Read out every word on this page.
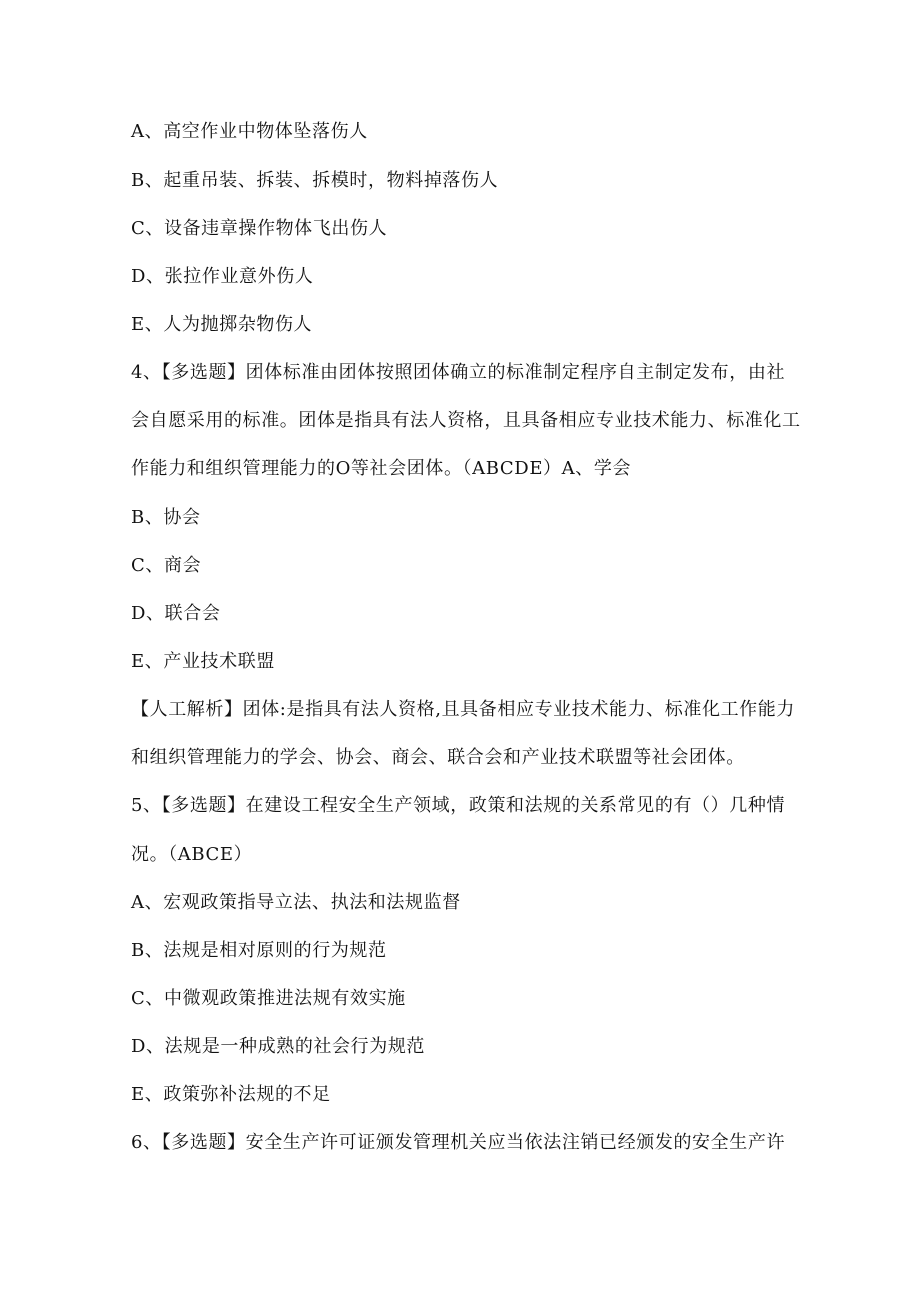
A、高空作业中物体坠落伤人
B、起重吊装、拆装、拆模时，物料掉落伤人
C、设备违章操作物体飞出伤人
D、张拉作业意外伤人
E、人为抛掷杂物伤人
4、【多选题】团体标准由团体按照团体确立的标准制定程序自主制定发布，由社
会自愿采用的标准。团体是指具有法人资格，且具备相应专业技术能力、标准化工
作能力和组织管理能力的O等社会团体。（ABCDE）A、学会
B、协会
C、商会
D、联合会
E、产业技术联盟
【人工解析】团体:是指具有法人资格,且具备相应专业技术能力、标准化工作能力
和组织管理能力的学会、协会、商会、联合会和产业技术联盟等社会团体。
5、【多选题】在建设工程安全生产领域，政策和法规的关系常见的有（）几种情
况。（ABCE）
A、宏观政策指导立法、执法和法规监督
B、法规是相对原则的行为规范
C、中微观政策推进法规有效实施
D、法规是一种成熟的社会行为规范
E、政策弥补法规的不足
6、【多选题】安全生产许可证颁发管理机关应当依法注销已经颁发的安全生产许
